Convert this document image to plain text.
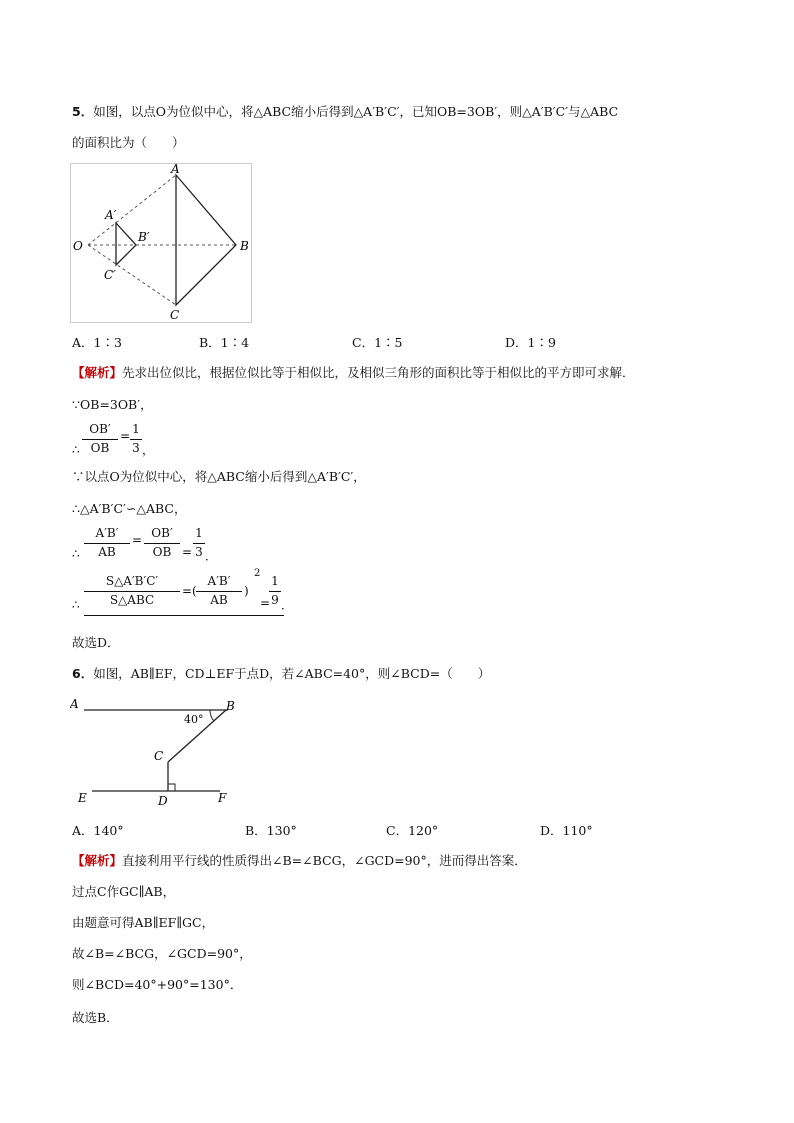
5．如图，以点O为位似中心，将△ABC缩小后得到△A′B′C′，已知OB=3OB′，则△A′B′C′与△ABC
的面积比为（　　）
O
A
B
C
A′
B′
C′
A．1∶3	B．1∶4	C．1∶5	D．1∶9
【解析】先求出位似比，根据位似比等于相似比，及相似三角形的面积比等于相似比的平方即可求解．
∵OB=3OB′，
OB′
OB
= 1
3 ，
∴
∵以点O为位似中心，将△ABC缩小后得到△A′B′C′，
∴△A′B′C′∽△ABC，
A′B′
AB
= OB′
OB =
1
3 ．
∴
S△A′B′C′
S△ABC
=(
A′B′
AB
)
2
=
1
9 ．
∴
故选D．
6．如图，AB∥EF，CD⊥EF于点D，若∠ABC=40°，则∠BCD=（　　）
A	B
C
D
E	F
40°
A．140°	B．130°	C．120°	D．110°
【解析】直接利用平行线的性质得出∠B=∠BCG，∠GCD=90°，进而得出答案．
过点C作GC∥AB，
由题意可得AB∥EF∥GC，
故∠B=∠BCG，∠GCD=90°，
则∠BCD=40°+90°=130°．
故选B．
